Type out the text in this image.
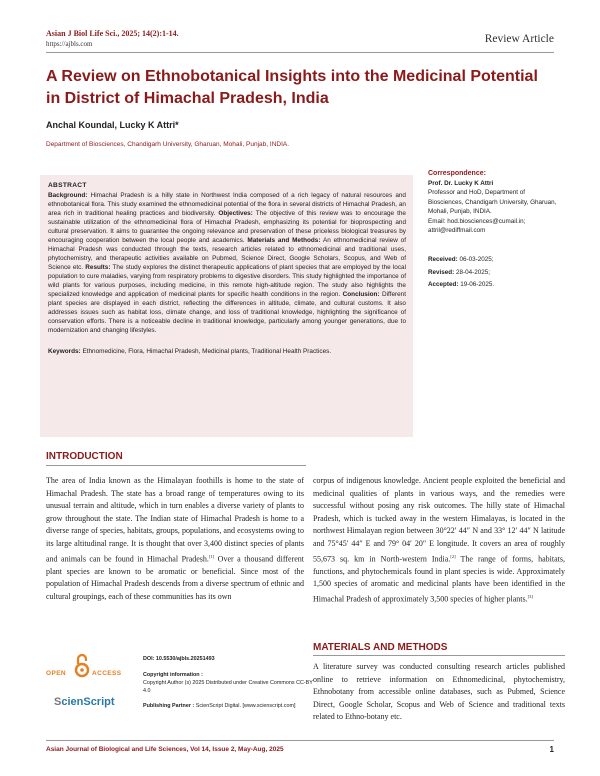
Asian J Biol Life Sci., 2025; 14(2):1-14.
https://ajbls.com	Review Article
A Review on Ethnobotanical Insights into the Medicinal Potential in District of Himachal Pradesh, India
Anchal Koundal, Lucky K Attri*
Department of Biosciences, Chandigarh University, Gharuan, Mohali, Punjab, INDIA.
ABSTRACT
Background: Himachal Pradesh is a hilly state in Northwest India composed of a rich legacy of natural resources and ethnobotanical flora. This study examined the ethnomedicinal potential of the flora in several districts of Himachal Pradesh, an area rich in traditional healing practices and biodiversity. Objectives: The objective of this review was to encourage the sustainable utilization of the ethnomedicinal flora of Himachal Pradesh, emphasizing its potential for bioprospecting and cultural preservation. It aims to guarantee the ongoing relevance and preservation of these priceless biological treasures by encouraging cooperation between the local people and academics. Materials and Methods: An ethnomedicinal review of Himachal Pradesh was conducted through the texts, research articles related to ethnomedicinal and traditional uses, phytochemistry, and therapeutic activities available on Pubmed, Science Direct, Google Scholars, Scopus, and Web of Science etc. Results: The study explores the distinct therapeutic applications of plant species that are employed by the local population to cure maladies, varying from respiratory problems to digestive disorders. This study highlighted the importance of wild plants for various purposes, including medicine, in this remote high-altitude region. The study also highlights the specialized knowledge and application of medicinal plants for specific health conditions in the region. Conclusion: Different plant species are displayed in each district, reflecting the differences in altitude, climate, and cultural customs. It also addresses issues such as habitat loss, climate change, and loss of traditional knowledge, highlighting the significance of conservation efforts. There is a noticeable decline in traditional knowledge, particularly among younger generations, due to modernization and changing lifestyles.
Keywords: Ethnomedicine, Flora, Himachal Pradesh, Medicinal plants, Traditional Health Practices.
Correspondence:
Prof. Dr. Lucky K Attri
Professor and HoD, Department of Biosciences, Chandigarh University, Gharuan, Mohali, Punjab, INDIA.
Email: hod.biosciences@cumail.in; attril@rediffmail.com
Received: 06-03-2025;
Revised: 28-04-2025;
Accepted: 19-06-2025.
INTRODUCTION
The area of India known as the Himalayan foothills is home to the state of Himachal Pradesh. The state has a broad range of temperatures owing to its unusual terrain and altitude, which in turn enables a diverse variety of plants to grow throughout the state. The Indian state of Himachal Pradesh is home to a diverse range of species, habitats, groups, populations, and ecosystems owing to its large altitudinal range. It is thought that over 3,400 distinct species of plants and animals can be found in Himachal Pradesh.[1] Over a thousand different plant species are known to be aromatic or beneficial. Since most of the population of Himachal Pradesh descends from a diverse spectrum of ethnic and cultural groupings, each of these communities has its own
corpus of indigenous knowledge. Ancient people exploited the beneficial and medicinal qualities of plants in various ways, and the remedies were successful without posing any risk outcomes. The hilly state of Himachal Pradesh, which is tucked away in the western Himalayas, is located in the northwest Himalayan region between 30°22′ 44″ N and 33° 12′ 44″ N latitude and 75°45′ 44″ E and 79° 04′ 20″ E longitude. It covers an area of roughly 55,673 sq. km in North-western India.[2] The range of forms, habitats, functions, and phytochemicals found in plant species is wide. Approximately 1,500 species of aromatic and medicinal plants have been identified in the Himachal Pradesh of approximately 3,500 species of higher plants.[3]
MATERIALS AND METHODS
A literature survey was conducted consulting research articles published online to retrieve information on Ethnomedicinal, phytochemistry, Ethnobotany from accessible online databases, such as Pubmed, Science Direct, Google Scholar, Scopus and Web of Science and traditional texts related to Ethno-botany etc.
OPEN	ACCESS
ScienScript
DOI: 10.5530/ajbls.20251493
Copyright information :
Copyright Author (s) 2025 Distributed under Creative Commons CC-BY 4.0
Publishing Partner : ScienScript Digital. [www.scienscript.com]
Asian Journal of Biological and Life Sciences, Vol 14, Issue 2, May-Aug, 2025	1
